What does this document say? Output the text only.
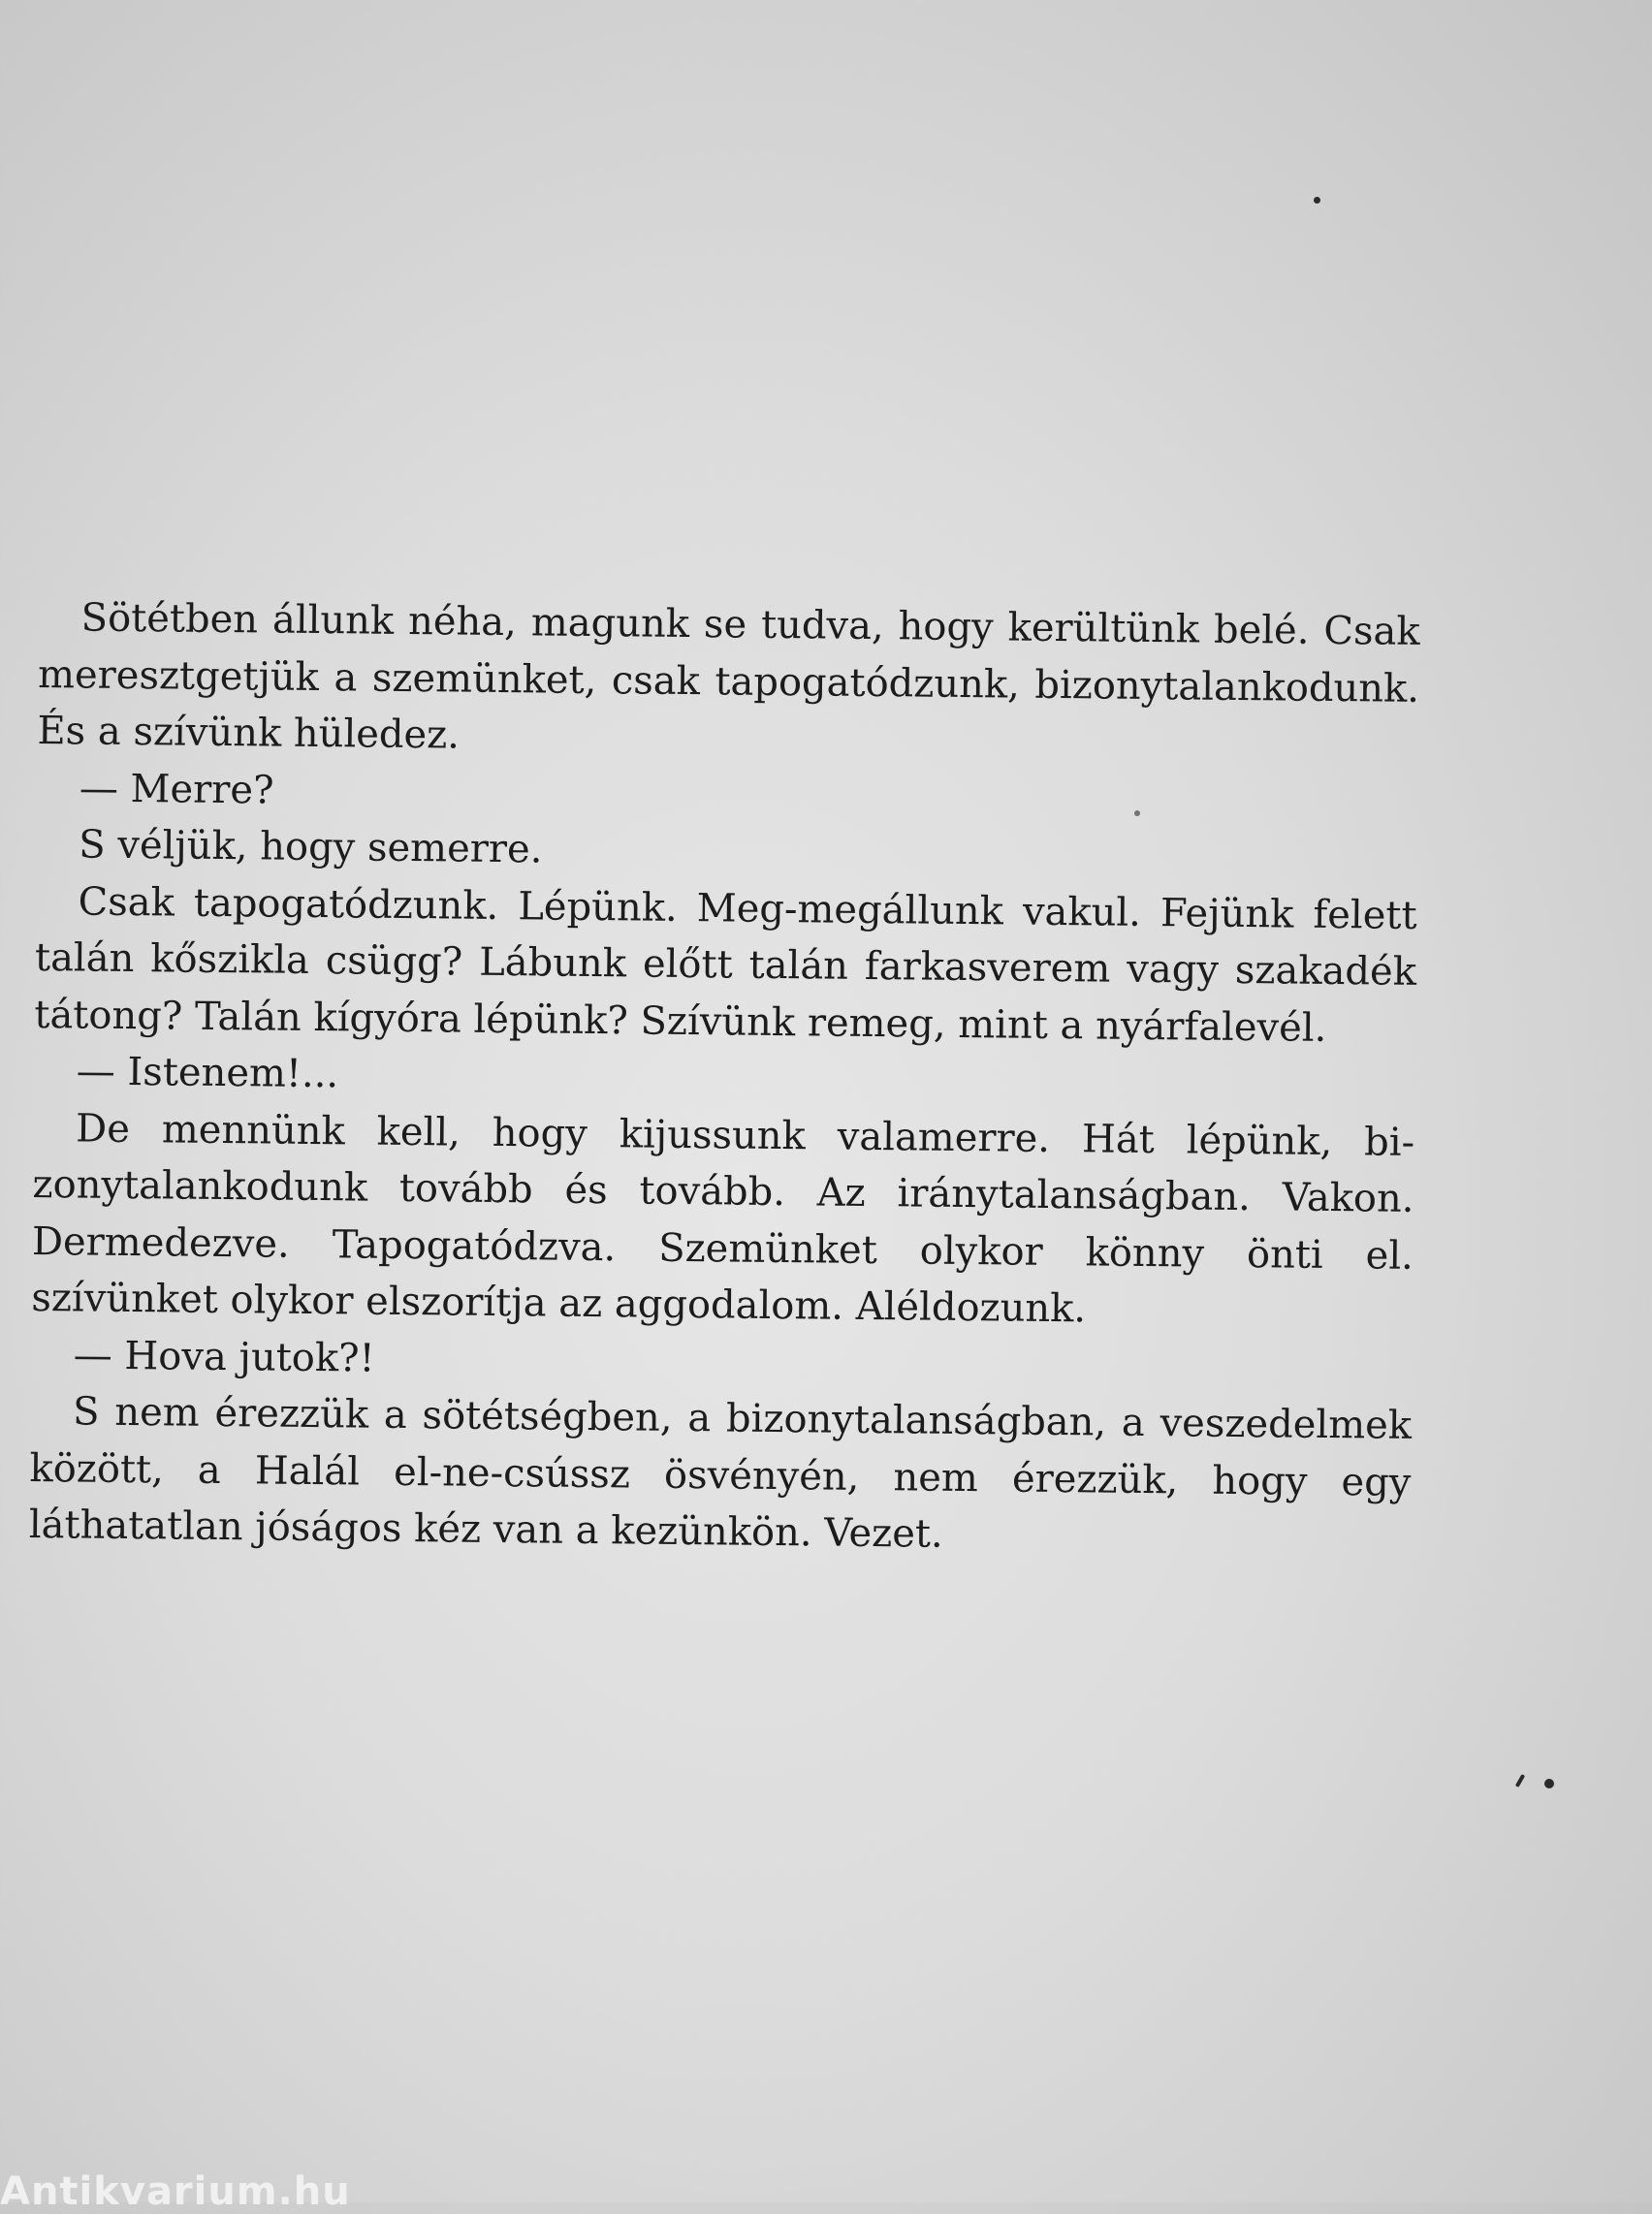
Sötétben állunk néha, magunk se tudva, hogy kerültünk belé. Csak meresztgetjük a szemünket, csak tapogatódzunk, bizonytalankodunk. És a szívünk hüledez.

— Merre?

S véljük, hogy semerre.

Csak tapogatódzunk. Lépünk. Meg-megállunk vakul. Fejünk felett talán kőszikla csügg? Lábunk előtt talán farkasverem vagy szakadék tátong? Talán kígyóra lépünk? Szívünk remeg, mint a nyárfalevél.

— Istenem!...

De mennünk kell, hogy kijussunk valamerre. Hát lépünk, bizonytalankodunk tovább és tovább. Az iránytalanságban. Vakon. Dermedezve. Tapogatódzva. Szemünket olykor könny önti el. szívünket olykor elszorítja az aggodalom. Aléldozunk.

— Hova jutok?!

S nem érezzük a sötétségben, a bizonytalanságban, a veszedelmek között, a Halál el-ne-csússz ösvényén, nem érezzük, hogy egy láthatatlan jóságos kéz van a kezünkön. Vezet.

Antikvarium.hu
